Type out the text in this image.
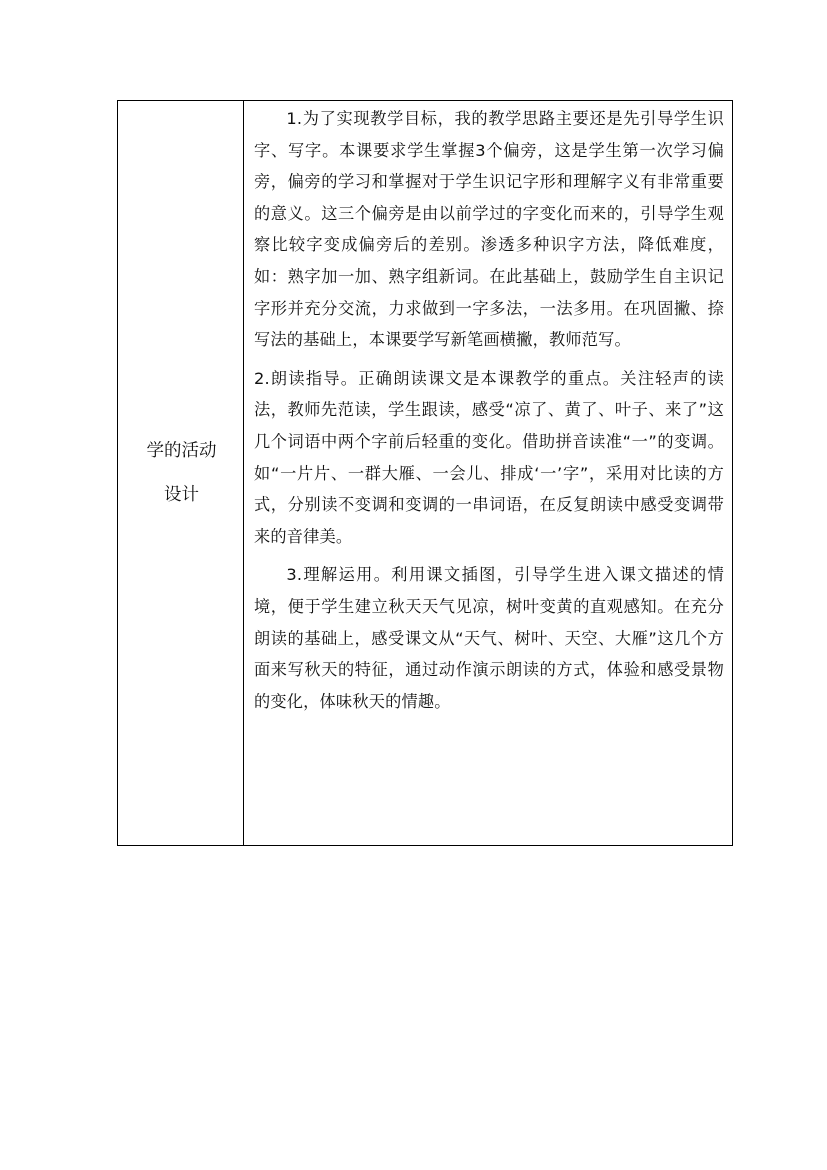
学的活动
设计

1.为了实现教学目标，我的教学思路主要还是先引导学生识字、写字。本课要求学生掌握3个偏旁，这是学生第一次学习偏旁，偏旁的学习和掌握对于学生识记字形和理解字义有非常重要的意义。这三个偏旁是由以前学过的字变化而来的，引导学生观察比较字变成偏旁后的差别。渗透多种识字方法，降低难度，如：熟字加一加、熟字组新词。在此基础上，鼓励学生自主识记字形并充分交流，力求做到一字多法，一法多用。在巩固撇、捺写法的基础上，本课要学写新笔画横撇，教师范写。

2.朗读指导。正确朗读课文是本课教学的重点。关注轻声的读法，教师先范读，学生跟读，感受“凉了、黄了、叶子、来了”这几个词语中两个字前后轻重的变化。借助拼音读准“一”的变调。如“一片片、一群大雁、一会儿、排成‘一’字”，采用对比读的方式，分别读不变调和变调的一串词语，在反复朗读中感受变调带来的音律美。

3.理解运用。利用课文插图，引导学生进入课文描述的情境，便于学生建立秋天天气见凉，树叶变黄的直观感知。在充分朗读的基础上，感受课文从“天气、树叶、天空、大雁”这几个方面来写秋天的特征，通过动作演示朗读的方式，体验和感受景物的变化，体味秋天的情趣。
